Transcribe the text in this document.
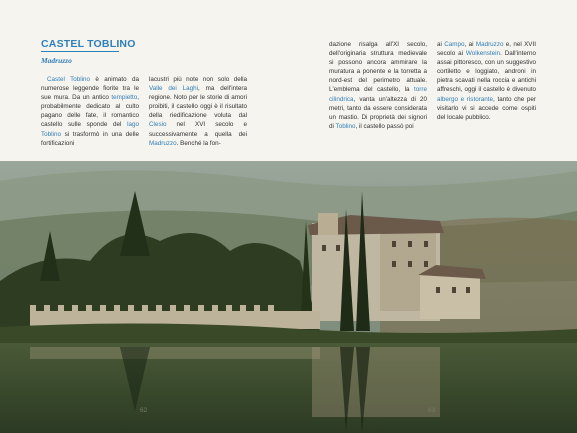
CASTEL TOBLINO
Madruzzo
Castel Toblino è animato da numerose leggende fiorite tra le sue mura. Da un antico tempietto, probabilmente dedicato al culto pagano delle fate, il romantico castello sulle sponde del lago Toblino si trasformò in una delle fortificazioni
lacustri più note non solo della Valle dei Laghi, ma dell'intera regione. Noto per le storie di amori proibiti, il castello oggi è il risultato della riedificazione voluta dal Clesio nel XVI secolo e successivamente a quella dei Madruzzo. Benché la fon-
dazione risalga all'XI secolo, dell'originaria struttura medievale si possono ancora ammirare la muratura a ponente e la torretta a nord-est del perimetro attuale. L'emblema del castello, la torre cilindrica, vanta un'altezza di 20 metri, tanto da essere considerata un mastio. Di proprietà dei signori di Toblino, il castello passò poi
ai Campo, ai Madruzzo e, nel XVII secolo ai Wolkenstein. Dall'interno assai pittoresco, con un suggestivo cortiletto e loggiato, androni in pietra scavati nella roccia e antichi affreschi, oggi il castello è divenuto albergo e ristorante, tanto che per visitarlo vi si accede come ospiti del locale pubblico.
62	63
